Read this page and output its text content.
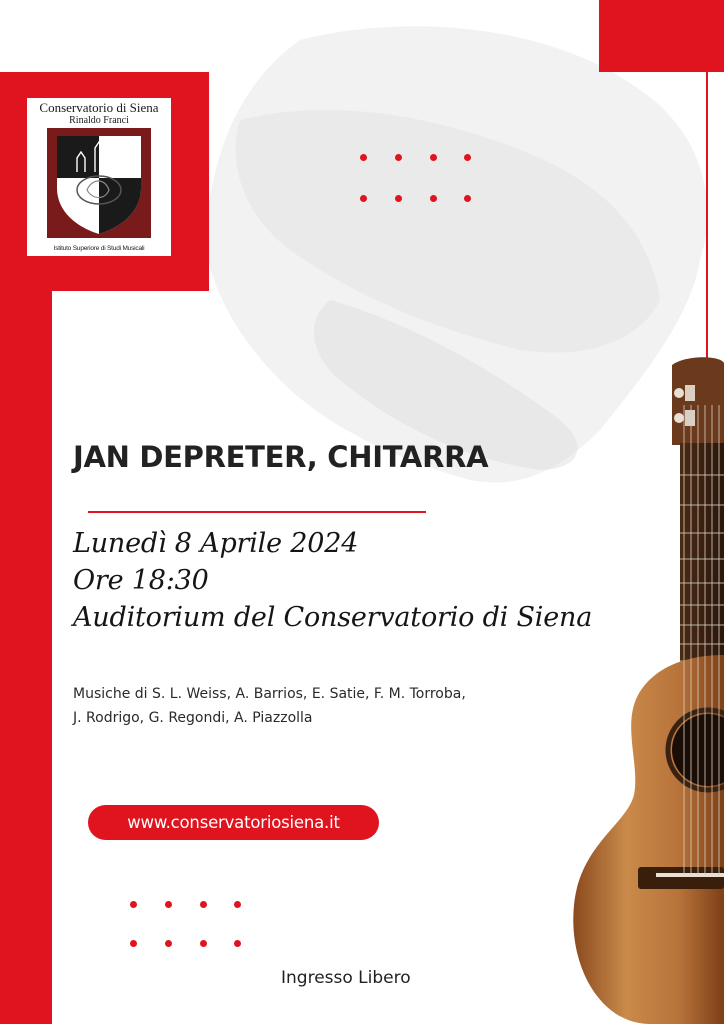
Conservatorio di Siena
Rinaldo Franci
Istituto Superiore di Studi Musicali
JAN DEPRETER, CHITARRA

Lunedì 8 Aprile 2024

Ore 18:30

Auditorium del Conservatorio di Siena

Musiche di S. L. Weiss, A. Barrios, E. Satie, F. M. Torroba,
J. Rodrigo, G. Regondi, A. Piazzolla
www.conservatoriosiena.it
Ingresso Libero
